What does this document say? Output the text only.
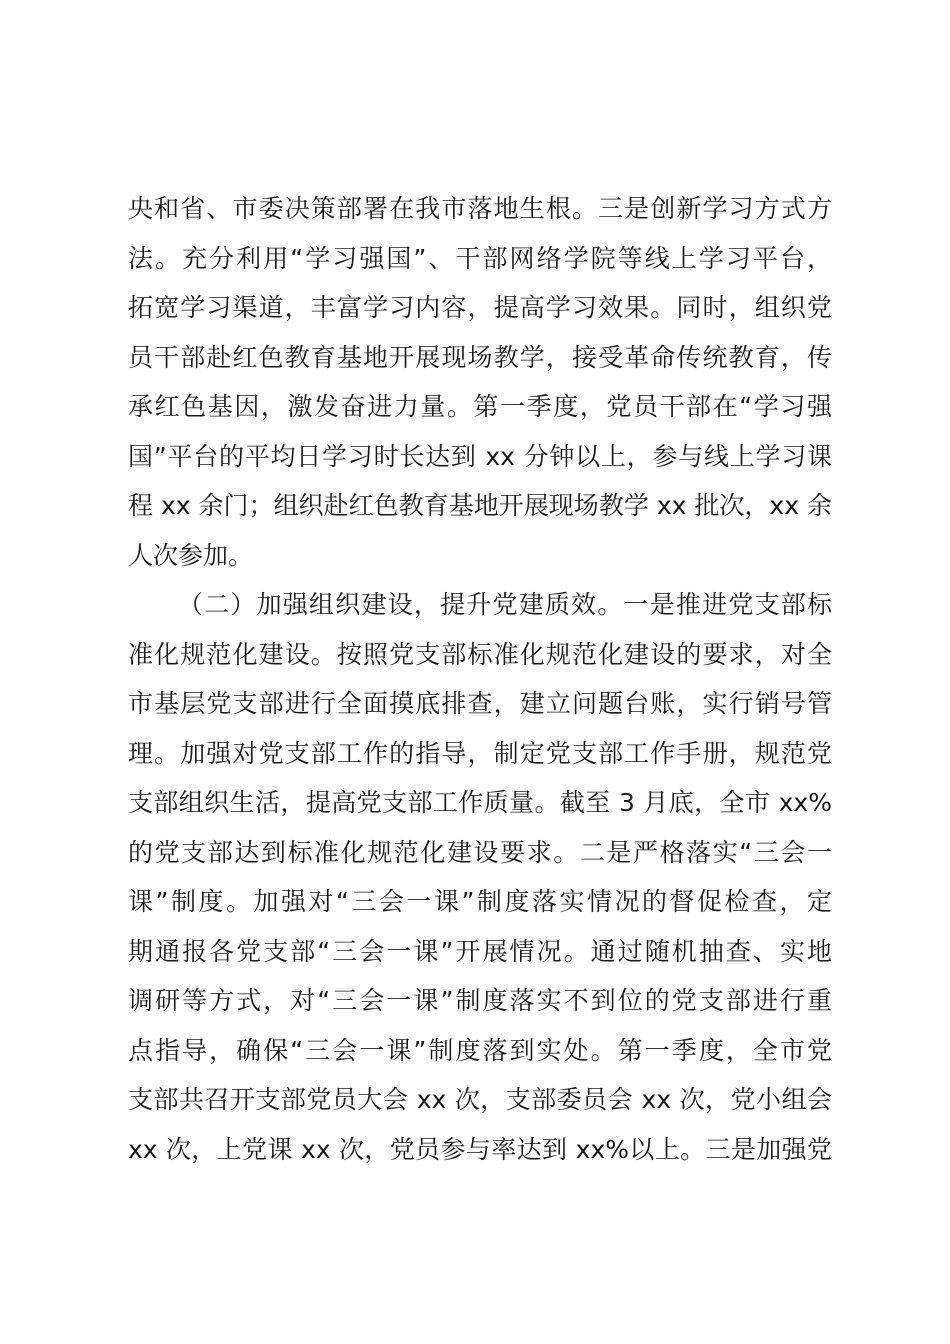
央和省、市委决策部署在我市落地生根。三是创新学习方式方
法。充分利用“学习强国”、干部网络学院等线上学习平台，
拓宽学习渠道，丰富学习内容，提高学习效果。同时，组织党
员干部赴红色教育基地开展现场教学，接受革命传统教育，传
承红色基因，激发奋进力量。第一季度，党员干部在“学习强
国”平台的平均日学习时长达到 xx 分钟以上，参与线上学习课
程 xx 余门；组织赴红色教育基地开展现场教学 xx 批次，xx 余
人次参加。
（二）加强组织建设，提升党建质效。一是推进党支部标
准化规范化建设。按照党支部标准化规范化建设的要求，对全
市基层党支部进行全面摸底排查，建立问题台账，实行销号管
理。加强对党支部工作的指导，制定党支部工作手册，规范党
支部组织生活，提高党支部工作质量。截至 3 月底，全市 xx%
的党支部达到标准化规范化建设要求。二是严格落实“三会一
课”制度。加强对“三会一课”制度落实情况的督促检查，定
期通报各党支部“三会一课”开展情况。通过随机抽查、实地
调研等方式，对“三会一课”制度落实不到位的党支部进行重
点指导，确保“三会一课”制度落到实处。第一季度，全市党
支部共召开支部党员大会 xx 次，支部委员会 xx 次，党小组会
xx 次，上党课 xx 次，党员参与率达到 xx%以上。三是加强党
